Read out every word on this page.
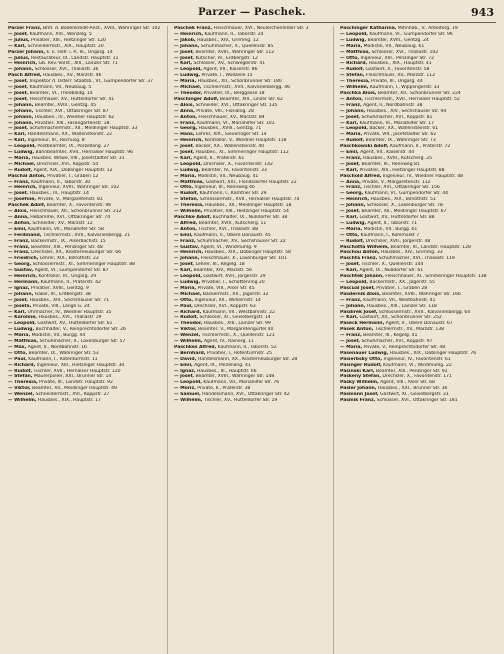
Parzer — Paschek.	943
Parzer Franz, Bmt. d. Bodenkredit-Anst., XVIII., Währinger Str. 102
— Josef, Kaufmann, XVI., Wenzelg. 5
— Julius, Privatier, XIII., Hietzinger Str. 120
— Karl, Schneidermstr., XIX., Hauptstr. 20
Parzer Johann, k. k. Hofr. i. P., III., Ungarg. 14
— Julius, Restaurateur, III., Landstr. Hauptstr. 11
— Heinrich, Gb. Rev.-Vorst., XIII., Lainzer Str. 71
— Johann, Schlosser, XVI., Thaliastr. 36
Pasch Alfred, Hausbes., XV., Märzstr. 46
— Josef, Inspektor d. Österr. Staatsb., VI., Gumpendorfer Str. 37
— Josef, Kaufmann, VII., Neubaug. 5
— Josef, Beamter, VI., Theobaldg. 14
— Josef, Fleischhauer, XV., Hütteldorfer Str. 41
— Johann, Beamter, XVIII., Gentzg. 45
— Johann, Tischler, XVI., Ottakringer Str. 87
— Johann, Hausbes., IV., Wiedner Hauptstr. 62
— Johann, Privatier, XIII., Fasangartenstr. 18
— Josef, Schuhmachermstr., XII., Meidlinger Hauptstr. 33
— Karl, Handelsmann, XX., Wallensteinstr. 22
— Karl, Ingenieur, III., Rochusg. 8
— Leopold, Postbeamter, IX., Porzellang. 27
— Ludwig, Bahnbeamter, XVII., Hernalser Hauptstr. 96
— Maria, Hausbes. Witwe, VIII., Josefstädter Str. 31
— Michael, Drechsler, XVI., Koppstr. 54
— Rudolf, Agent, XIX., Döblinger Hauptstr. 12
Paschal Anton, Privatier, I., Graben 12
— Franz, Kaufmann, II., Taborstr. 30
— Heinrich, Ingenieur, XVIII., Währinger Str. 102
— Josef, Hausbes., III., Hauptstr. 14
— Josefine, Private, V., Margaretenstr. 81
Paschek Adolf, Beamter, X., Favoritenstr. 96
— Alois, Fleischhauer, XII., Schönbrunner Str. 212
— Anna, Hebamme, XVI., Ottakringer Str. 74
— Anton, Schneider, XV., Märzstr. 12
— Emil, Kaufmann, VII., Mariahilfer Str. 58
— Ferdinand, Tischlermstr., XVII., Kalvarienbergg. 21
— Franz, Bäckermstr., IX., Alserbachstr. 15
— Franz, Beamter, XIII., Penzinger Str. 48
— Franz, Drechsler, XX., Klosterneuburger Str. 66
— Friedrich, Lehrer, XIX., Billrothstr. 23
— Georg, Schlossermstr., XI., Simmeringer Hauptstr. 88
— Gustav, Agent, VI., Gumpendorfer Str. 87
— Heinrich, Kontrollor, III., Ungarg. 29
— Hermann, Kaufmann, II., Praterstr. 42
— Ignaz, Privatier, XVIII., Gentzg. 9
— Johann, Fiaker, III., Erdbergstr. 38
— Josef, Hausbes., XIV., Sechshauser Str. 71
— Josefa, Private, VIII., Lange G. 24
— Karl, Uhrmacher, IV., Wiedner Hauptstr. 35
— Karoline, Hausbes., XVI., Thaliastr. 19
— Leopold, Gastwirt, XV., Hütteldorfer Str. 61
— Ludwig, Buchhalter, V., Reinprechtsdorfer Str. 26
— Maria, Modistin, VII., Burgg. 44
— Matthias, Schuhmacher, X., Laxenburger Str. 57
— Max, Agent, II., Nordbahnstr. 16
— Otto, Beamter, IX., Währinger Str. 53
— Paul, Kaufmann, I., Rotenturmstr. 11
— Richard, Ingenieur, XIII., Hietzinger Hauptstr. 30
— Rudolf, Tischler, XVII., Hernalser Hauptstr. 120
— Stefan, Maurerpolier, XXI., Brünner Str. 14
— Theresia, Private, III., Landstr. Hauptstr. 92
— Viktor, Beamter, XII., Meidlinger Hauptstr. 49
— Wenzel, Schneidermstr., XVI., Koppstr. 27
— Wilhelm, Hausbes., XIX., Hauptstr. 17
Paschek Franz, Fleischhauer, XVI., Neulerchenfelder Str. 3
— Heinrich, Kaufmann, II., Taborstr. 24
— Jakob, Hausbes., XIV., Grimmg. 12
— Johann, Schuhmacher, X., Quellenstr. 85
— Josef, Beamter, XVIII., Währinger Str. 112
— Josef, Kutscher, III., Erdbergstr. 12
— Karl, Schlosser, XV., Schweglerstr. 41
— Leopold, Agent, VII., Kaiserstr. 86
— Ludwig, Private, I., Wollzeile 15
— Maria, Hausbes., XII., Schönbrunner Str. 180
— Michael, Tischlermstr., XVII., Kalvarienbergg. 46
— Theodor, Privatier, IX., Berggasse 18
Paschinger Adolf, Beamter, XIII., Linzer Str. 62
— Alois, Schneider, XVI., Ottakringer Str. 135
— Anna, Private, VIII., Florianig. 28
— Anton, Fleischhauer, XV., Märzstr. 84
— Franz, Kaufmann, VI., Mariahilfer Str. 101
— Georg, Hausbes., XVIII., Gentzg. 71
— Hans, Lehrer, XIX., Sieveringer Str. 14
— Heinrich, Kontrollor, V., Wiedner Hauptstr. 118
— Josef, Bäcker, XX., Wallensteinstr. 40
— Josef, Hausbes., XI., Simmeringer Hauptstr. 112
— Karl, Agent, II., Praterstr. 61
— Leopold, Drechsler, X., Favoritenstr. 142
— Ludwig, Beamter, IV., Favoritenstr. 33
— Maria, Modistin, VII., Neubaug. 41
— Matthias, Gastwirt, XXI., Floridsdorfer Hauptstr. 22
— Otto, Ingenieur, III., Rennweg 46
— Rudolf, Kaufmann, I., Kärntner Str. 29
— Stefan, Schlossermstr., XVII., Hernalser Hauptstr. 74
— Theresia, Hausbes., XII., Meidlinger Hauptstr. 18
— Wilhelm, Privatier, XIII., Hietzinger Hauptstr. 54
Paschke Adolf, Buchhalter, IX., Nußdorfer Str. 38
— Alfred, Beamter, XVIII., Kutscherg. 11
— Anton, Tischler, XVI., Thaliastr. 88
— Emil, Kaufmann, II., Obere Donaustr. 45
— Franz, Schuhmacher, XV., Sechshauser Str. 22
— Gustav, Agent, VI., Windmühlg. 9
— Heinrich, Hausbes., XIX., Döblinger Hauptstr. 58
— Johann, Fleischhauer, X., Laxenburger Str. 101
— Josef, Lehrer, III., Kegelg. 18
— Karl, Beamter, XIV., Märzstr. 56
— Leopold, Gastwirt, XVII., Jörgerstr. 29
— Ludwig, Privatier, I., Schottenring 20
— Maria, Private, VIII., Alser Str. 45
— Michael, Bäckermstr., XX., Jägerstr. 32
— Otto, Ingenieur, XII., Wilhelmstr. 14
— Paul, Drechsler, XVI., Koppstr. 63
— Richard, Kaufmann, VII., Westbahnstr. 22
— Rudolf, Schlosser, XI., Geiselbergstr. 14
— Theodor, Hausbes., XIII., Lainzer Str. 99
— Viktor, Beamter, V., Margaretengürtel 40
— Wenzel, Tischlermstr., X., Quellenstr. 121
— Wilhelm, Agent, IV., Rainerg. 11
Paschkes Alfred, Kaufmann, II., Taborstr. 52
— Bernhard, Privatier, I., Rotenturmstr. 25
— David, Handelsmann, XX., Klosterneuburger Str. 28
— Emil, Agent, IX., Porzellang. 41
— Ignaz, Hausbes., III., Hauptstr. 66
— Josef, Beamter, XVIII., Währinger Str. 148
— Leopold, Kaufmann, VII., Mariahilfer Str. 76
— Moriz, Private, II., Praterstr. 38
— Samuel, Handelsmann, XVI., Ottakringer Str. 42
— Wilhelm, Tischler, XV., Hütteldorfer Str. 19
Paschinger Katharina, Mitinhab., V., Arbeiterg. 19
— Leopold, Kaufmann, VI., Gumpendorfer Str. 96
— Ludwig, Beamter, XVIII., Gentzg. 24
— Maria, Modistin, VII., Neubaug. 61
— Matthias, Schlosser, XVI., Thaliastr. 102
— Otto, Ingenieur, XIII., Penzinger Str. 72
— Richard, Hausbes., XIX., Hauptstr. 41
— Rudolf, Gastwirt, X., Favoritenstr. 58
— Stefan, Fleischhauer, XV., Märzstr. 112
— Theresia, Private, III., Ungarg. 44
— Wilhelm, Kaufmann, I., Wipplingerstr. 33
Paschka Alois, Beamter, XII., Schönbrunner Str. 224
— Anton, Tischlermstr., XVII., Hernalser Hauptstr. 52
— Franz, Agent, II., Nordbahnstr. 38
— Johann, Hausbes., XIV., Sechshauser Str. 94
— Josef, Schuhmacher, XVI., Koppstr. 81
— Karl, Kaufmann, VI., Mariahilfer Str. 17
— Leopold, Bäcker, XX., Wallensteinstr. 61
— Maria, Private, VIII., Josefstädter Str. 62
— Rudolf, Beamter, IX., Währinger Str. 73
Paschkowski Adolf, Kaufmann, II., Praterstr. 72
— Emil, Agent, VII., Kaiserstr. 44
— Franz, Hausbes., XVIII., Kutscherg. 25
— Josef, Beamter, III., Rennweg 81
— Karl, Privatier, XIII., Hietzinger Hauptstr. 88
Paschold Alfred, Ingenieur, IV., Wiedner Hauptstr. 48
— Anna, Private, V., Margaretenstr. 112
— Franz, Tischler, XVI., Ottakringer Str. 156
— Georg, Kaufmann, VI., Gumpendorfer Str. 44
— Heinrich, Hausbes., XIX., Billrothstr. 51
— Johann, Schlosser, X., Laxenburger Str. 78
— Josef, Beamter, XII., Meidlinger Hauptstr. 67
— Karl, Gastwirt, XV., Hütteldorfer Str. 88
— Ludwig, Agent, II., Taborstr. 71
— Maria, Modistin, VII., Burgg. 61
— Otto, Kaufmann, I., Kohlmarkt 7
— Rudolf, Drechsler, XVII., Jörgerstr. 48
Paschotta Wilhelm, Beamter, III., Landstr. Hauptstr. 128
Paschou Anton, Hausbes., XIV., Grimmg. 33
Paschta Franz, Schuhmacher, XVI., Thaliastr. 119
— Josef, Tischler, X., Quellenstr. 144
— Karl, Agent, IX., Nußdorfer Str. 61
Paschtek Johann, Fleischhauer, XI., Simmeringer Hauptstr. 138
— Leopold, Bäckermstr., XX., Jägerstr. 55
Pascual Josef, Privatier, I., Graben 28
Pasdernik Alois, Beamter, XVIII., Währinger Str. 166
— Franz, Kaufmann, VII., Westbahnstr. 41
— Johann, Hausbes., XIII., Lainzer Str. 118
Pasdirek Josef, Schlossermstr., XVII., Kalvarienbergg. 64
— Karl, Gastwirt, XII., Schönbrunner Str. 252
Paseck Hermann, Agent, II., Obere Donaustr. 67
Pasek Anton, Tischlermstr., XV., Märzstr. 138
— Franz, Beamter, III., Kegelg. 41
— Josef, Schuhmacher, XVI., Koppstr. 97
— Maria, Private, V., Reinprechtsdorfer Str. 48
Pasenauer Ludwig, Hausbes., XIX., Döblinger Hauptstr. 76
Pasierbsky Otto, Ingenieur, IV., Favoritenstr. 61
Pasinger Rudolf, Kaufmann, VI., Windmühlg. 22
Pasinski Karl, Beamter, XIII., Penzinger Str. 91
Paskeny Stefan, Drechsler, X., Favoritenstr. 171
Pasky Wilhelm, Agent, VIII., Alser Str. 68
Pasler Johann, Hausbes., XXI., Brünner Str. 36
Pasmann Josef, Gastwirt, XI., Geiselbergstr. 31
Pasmik Franz, Schlosser, XVI., Ottakringer Str. 181
